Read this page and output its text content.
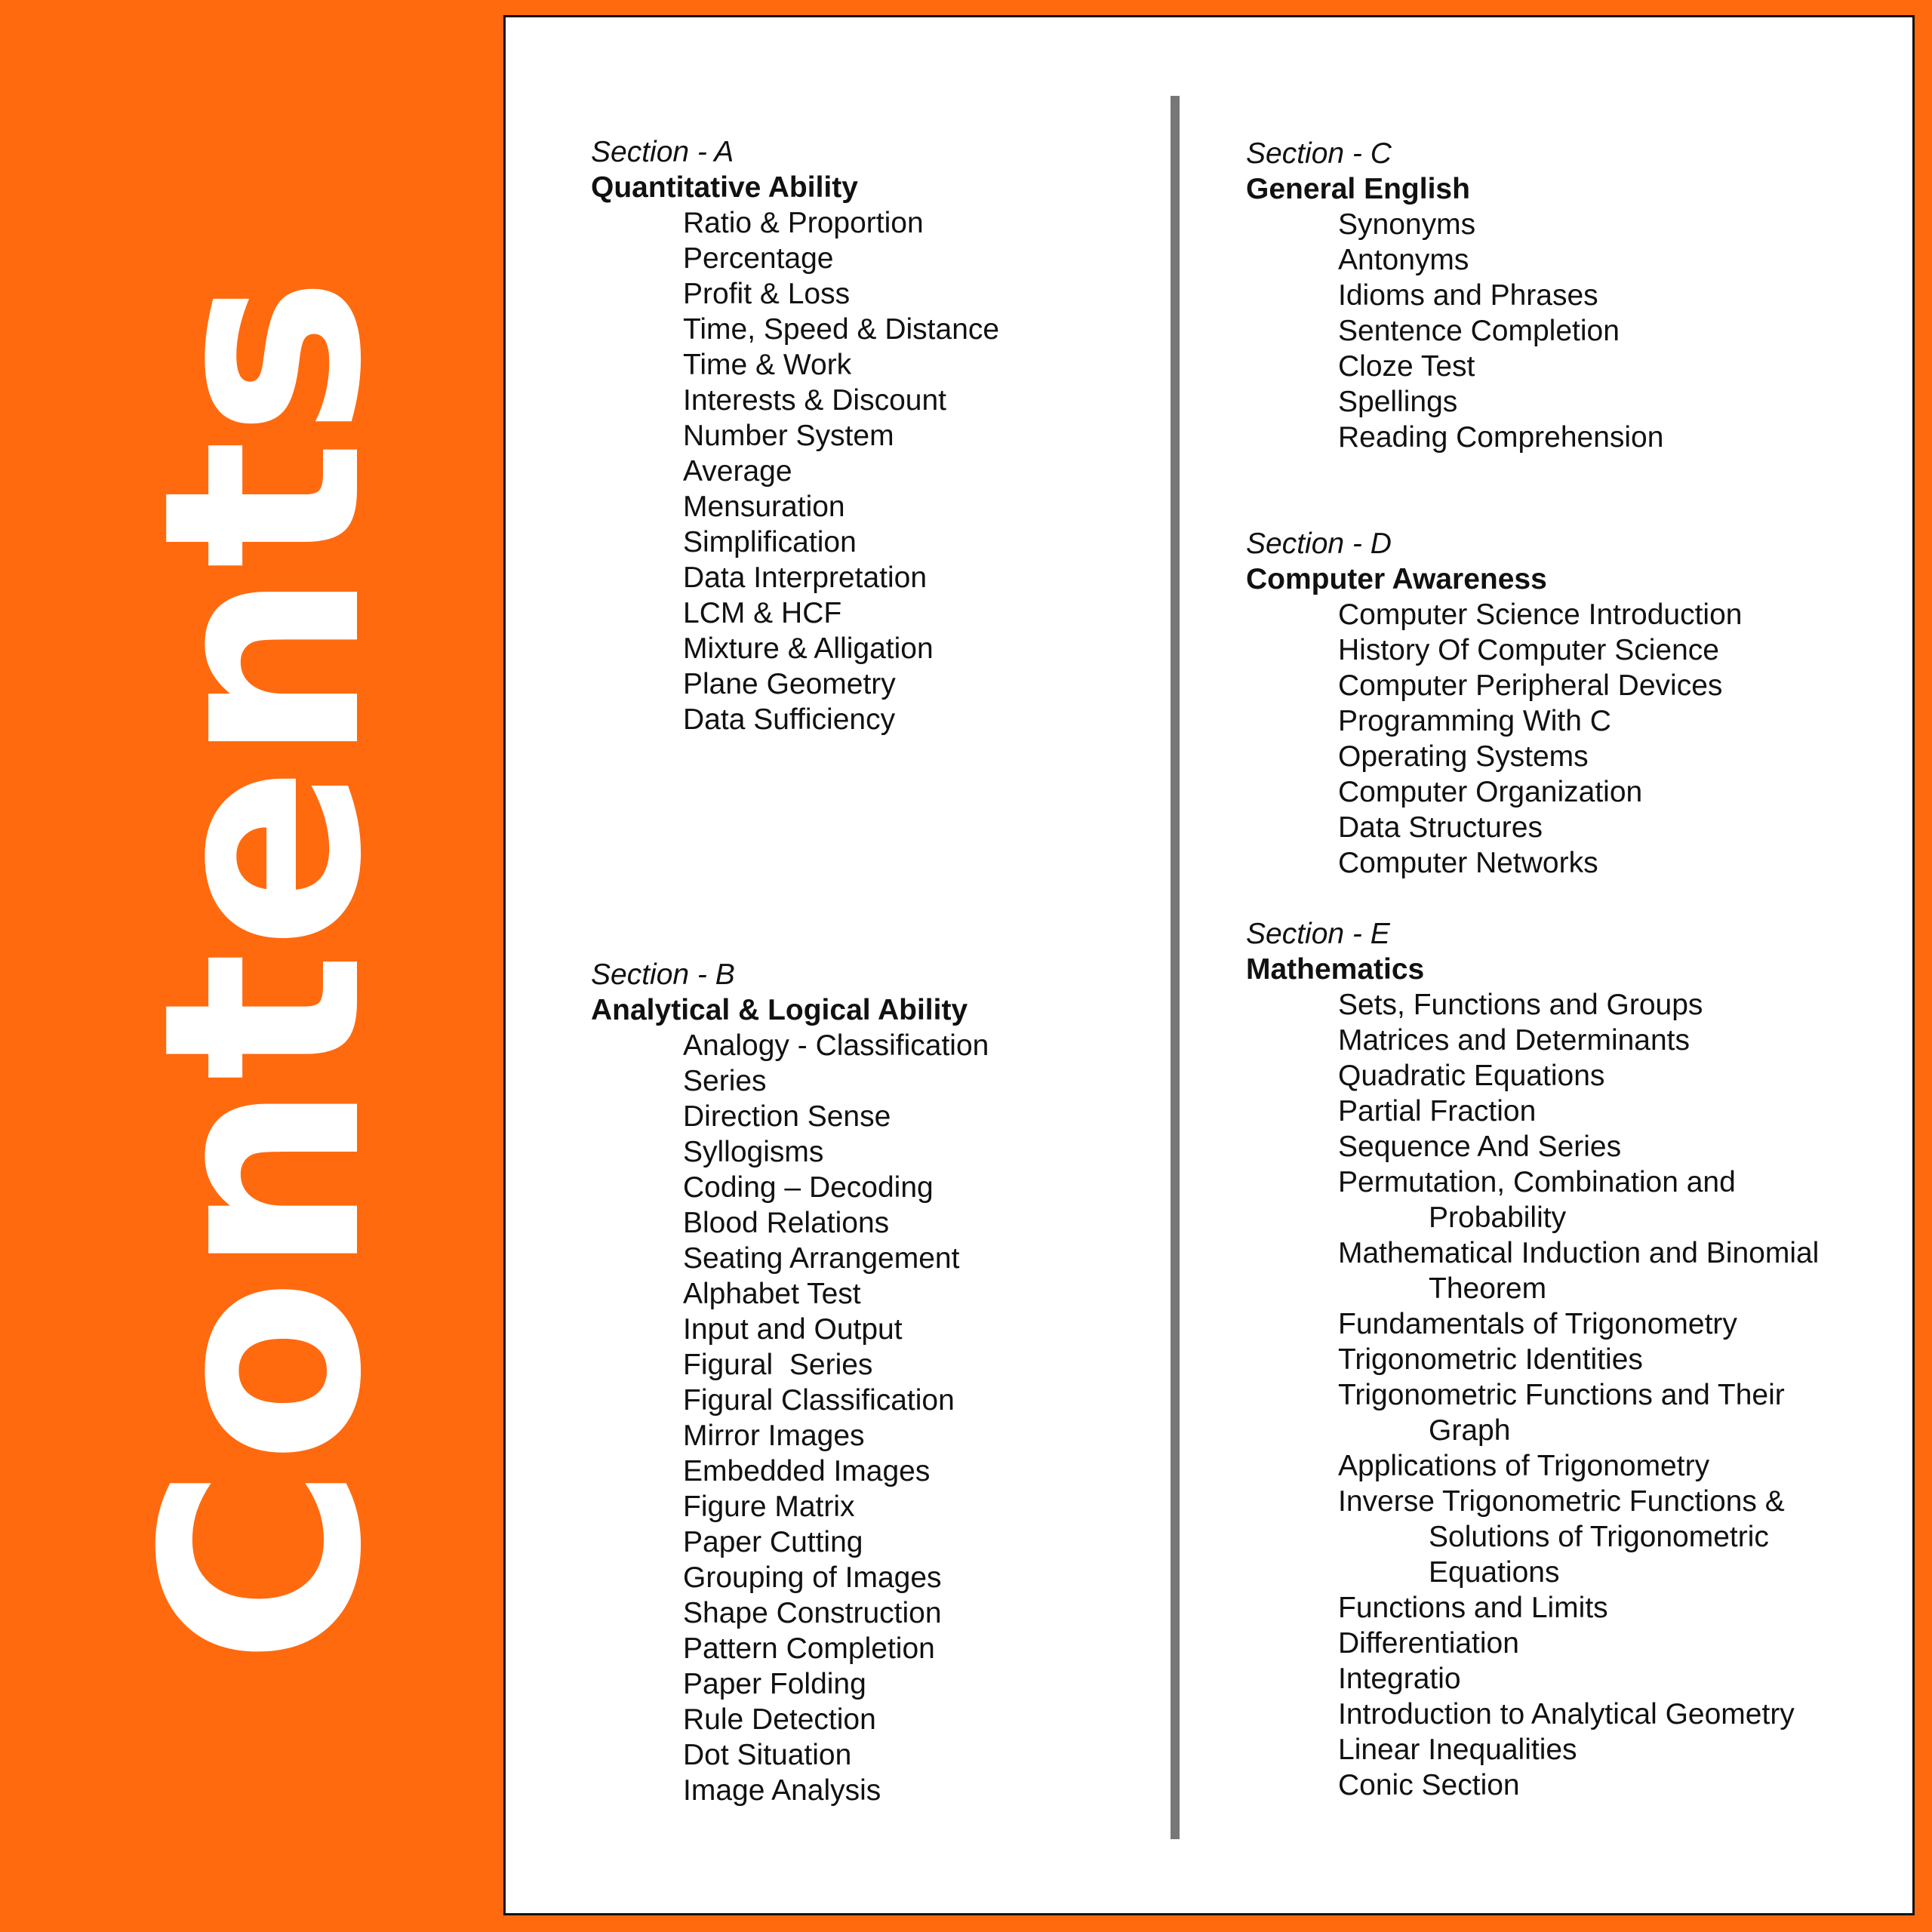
Contents
Section - A
Quantitative Ability
Ratio & Proportion
Percentage
Profit & Loss
Time, Speed & Distance
Time & Work
Interests & Discount
Number System
Average
Mensuration
Simplification
Data Interpretation
LCM & HCF
Mixture & Alligation
Plane Geometry
Data Sufficiency
Section - B
Analytical & Logical Ability
Analogy - Classification
Series
Direction Sense
Syllogisms
Coding – Decoding
Blood Relations
Seating Arrangement
Alphabet Test
Input and Output
Figural  Series
Figural Classification
Mirror Images
Embedded Images
Figure Matrix
Paper Cutting
Grouping of Images
Shape Construction
Pattern Completion
Paper Folding
Rule Detection
Dot Situation
Image Analysis
Section - C
General English
Synonyms
Antonyms
Idioms and Phrases
Sentence Completion
Cloze Test
Spellings
Reading Comprehension
Section - D
Computer Awareness
Computer Science Introduction
History Of Computer Science
Computer Peripheral Devices
Programming With C
Operating Systems
Computer Organization
Data Structures
Computer Networks
Section - E
Mathematics
Sets, Functions and Groups
Matrices and Determinants
Quadratic Equations
Partial Fraction
Sequence And Series
Permutation, Combination and
Probability
Mathematical Induction and Binomial
Theorem
Fundamentals of Trigonometry
Trigonometric Identities
Trigonometric Functions and Their
Graph
Applications of Trigonometry
Inverse Trigonometric Functions &
Solutions of Trigonometric
Equations
Functions and Limits
Differentiation
Integratio
Introduction to Analytical Geometry
Linear Inequalities
Conic Section
